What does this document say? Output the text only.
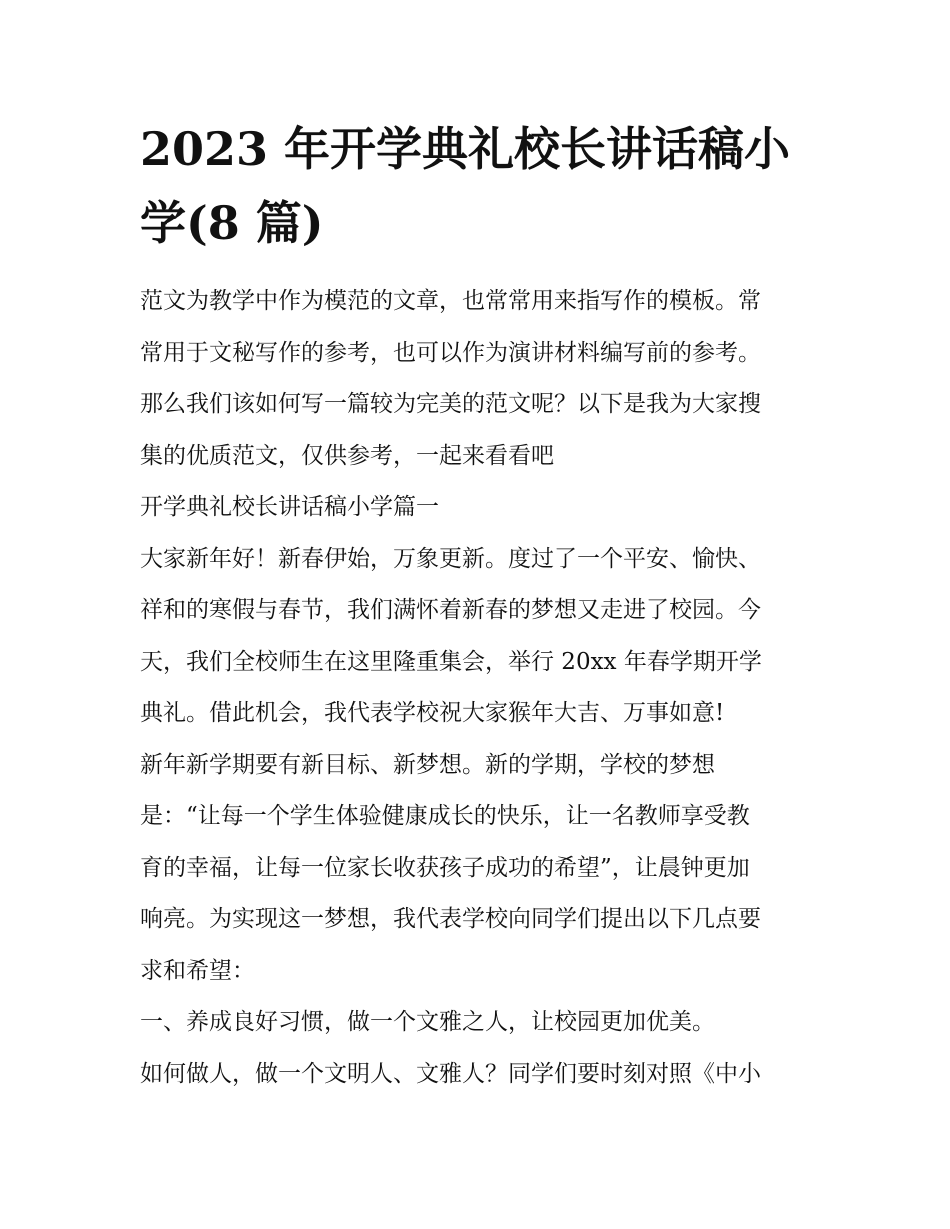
2023 年开学典礼校长讲话稿小学(8 篇)
范文为教学中作为模范的文章，也常常用来指写作的模板。常
常用于文秘写作的参考，也可以作为演讲材料编写前的参考。
那么我们该如何写一篇较为完美的范文呢？以下是我为大家搜
集的优质范文，仅供参考，一起来看看吧
开学典礼校长讲话稿小学篇一
大家新年好！新春伊始，万象更新。度过了一个平安、愉快、
祥和的寒假与春节，我们满怀着新春的梦想又走进了校园。今
天，我们全校师生在这里隆重集会，举行 20xx 年春学期开学
典礼。借此机会，我代表学校祝大家猴年大吉、万事如意!
新年新学期要有新目标、新梦想。新的学期，学校的梦想
是：“让每一个学生体验健康成长的快乐，让一名教师享受教
育的幸福，让每一位家长收获孩子成功的希望”，让晨钟更加
响亮。为实现这一梦想，我代表学校向同学们提出以下几点要
求和希望：
一、养成良好习惯，做一个文雅之人，让校园更加优美。
如何做人，做一个文明人、文雅人？同学们要时刻对照《中小
